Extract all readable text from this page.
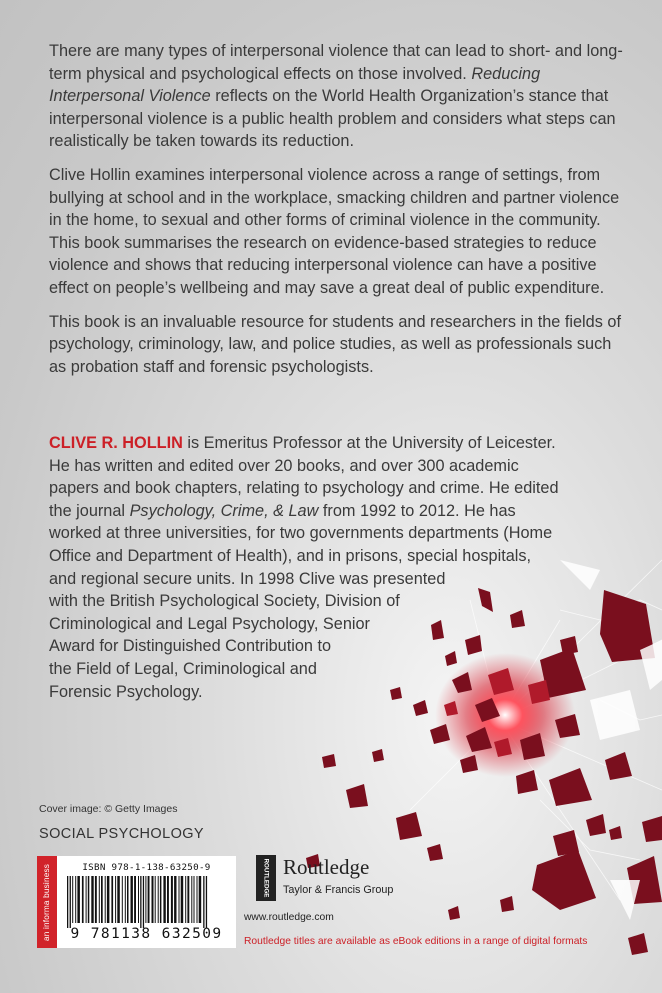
There are many types of interpersonal violence that can lead to short- and long-term physical and psychological effects on those involved. Reducing Interpersonal Violence reflects on the World Health Organization’s stance that interpersonal violence is a public health problem and considers what steps can realistically be taken towards its reduction.

Clive Hollin examines interpersonal violence across a range of settings, from bullying at school and in the workplace, smacking children and partner violence in the home, to sexual and other forms of criminal violence in the community. This book summarises the research on evidence-based strategies to reduce violence and shows that reducing interpersonal violence can have a positive effect on people’s wellbeing and may save a great deal of public expenditure.

This book is an invaluable resource for students and researchers in the fields of psychology, criminology, law, and police studies, as well as professionals such as probation staff and forensic psychologists.

CLIVE R. HOLLIN is Emeritus Professor at the University of Leicester.

He has written and edited over 20 books, and over 300 academic

papers and book chapters, relating to psychology and crime. He edited

the journal Psychology, Crime, & Law from 1992 to 2012. He has

worked at three universities, for two governments departments (Home

Office and Department of Health), and in prisons, special hospitals,

and regional secure units. In 1998 Clive was presented

with the British Psychological Society, Division of

Criminological and Legal Psychology, Senior

Award for Distinguished Contribution to

the Field of Legal, Criminological and

Forensic Psychology.

Cover image: © Getty Images
SOCIAL PSYCHOLOGY
an informa business	ISBN 978-1-138-63250-9
9 781138 632509
ROUTLEDGE Routledge
Taylor & Francis Group
www.routledge.com
Routledge titles are available as eBook editions in a range of digital formats
